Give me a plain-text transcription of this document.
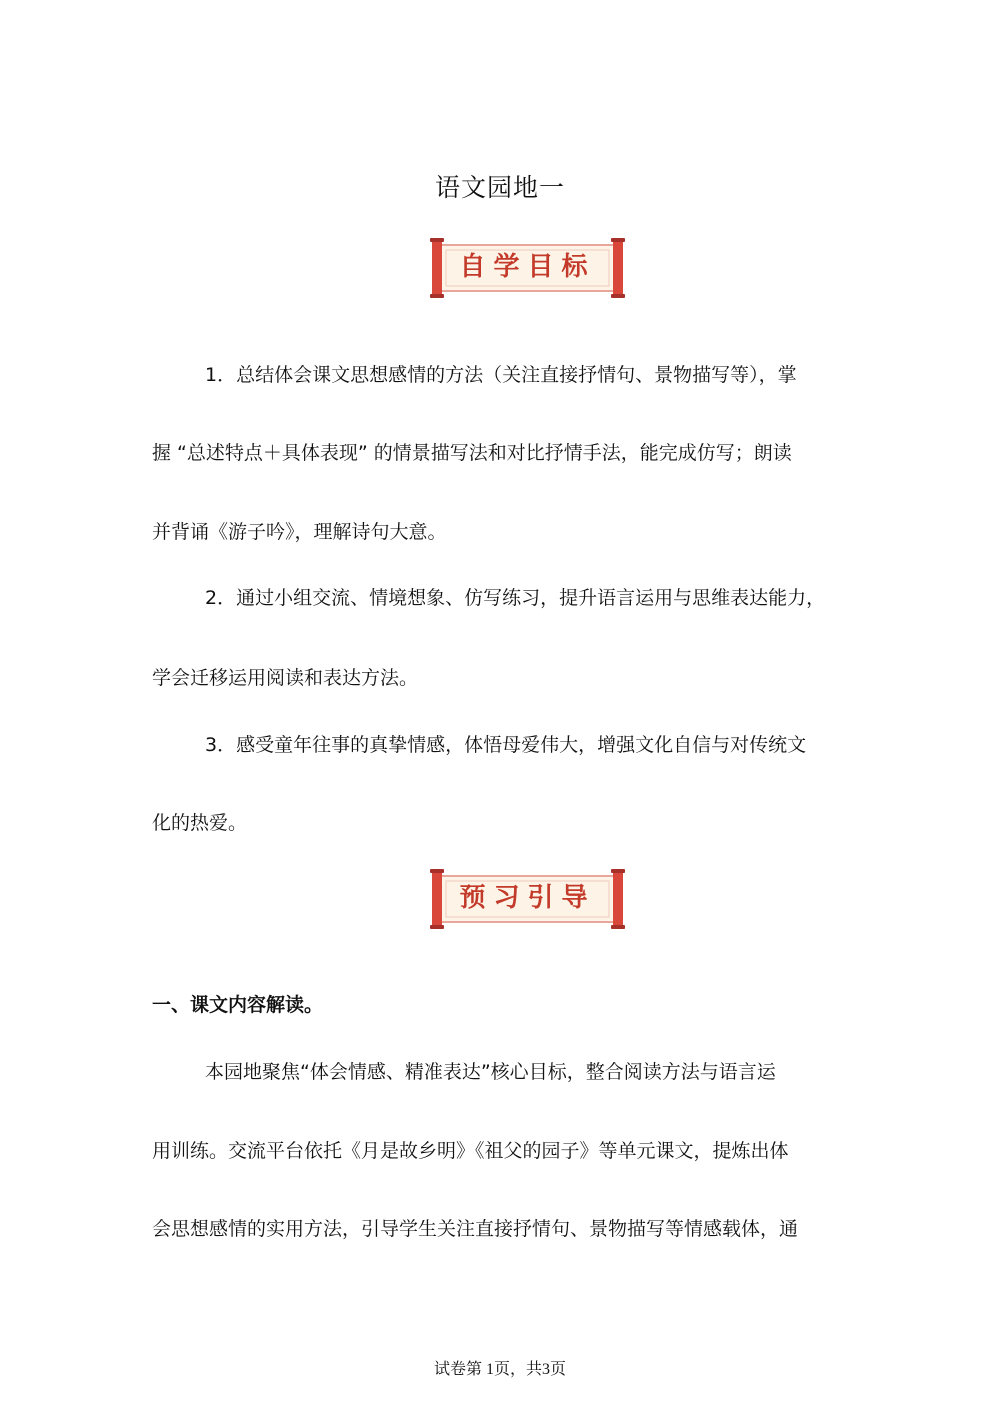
语文园地一
自学目标
1．总结体会课文思想感情的方法（关注直接抒情句、景物描写等），掌
握 “总述特点＋具体表现” 的情景描写法和对比抒情手法，能完成仿写；朗读
并背诵《游子吟》，理解诗句大意。
2．通过小组交流、情境想象、仿写练习，提升语言运用与思维表达能力，
学会迁移运用阅读和表达方法。
3．感受童年往事的真挚情感，体悟母爱伟大，增强文化自信与对传统文
化的热爱。
预习引导
一、课文内容解读。
本园地聚焦“体会情感、精准表达”核心目标，整合阅读方法与语言运
用训练。交流平台依托《月是故乡明》《祖父的园子》等单元课文，提炼出体
会思想感情的实用方法，引导学生关注直接抒情句、景物描写等情感载体，通
试卷第 1页，共3页
